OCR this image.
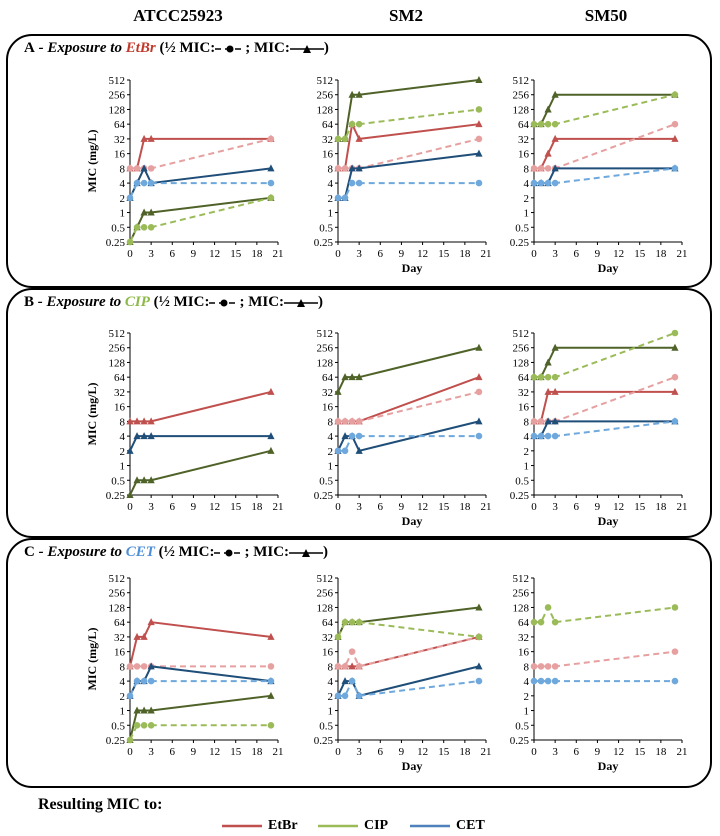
ATCC25923	SM2	SM50
A - Exposure to EtBr (½ MIC: ; MIC: )
B - Exposure to CIP (½ MIC: ; MIC: )
C - Exposure to CET (½ MIC: ; MIC: )
512
256
128
64
32
16
8
4
2
1
0.5
0.25
0 3 6 9 12 15 18 21
MIC (mg/L)
512
256
128
64
32
16
8
4
2
1
0.5
0.25
0 3 6 9 12 15 18 21
Day
512
256
128
64
32
16
8
4
2
1
0.5
0.25
0 3 6 9 12 15 18 21
Day
512
256
128
64
32
16
8
4
2
1
0.5
0.25
0 3 6 9 12 15 18 21
MIC (mg/L)
512
256
128
64
32
16
8
4
2
1
0.5
0.25
0 3 6 9 12 15 18 21
Day
512
256
128
64
32
16
8
4
2
1
0.5
0.25
0 3 6 9 12 15 18 21
Day
512
256
128
64
32
16
8
4
2
1
0.5
0.25
0 3 6 9 12 15 18 21
MIC (mg/L)
512
256
128
64
32
16
8
4
2
1
0.5
0.25
0 3 6 9 12 15 18 21
Day
512
256
128
64
32
16
8
4
2
1
0.5
0.25
0 3 6 9 12 15 18 21
Day
Resulting MIC to:
EtBr	CIP	CET
